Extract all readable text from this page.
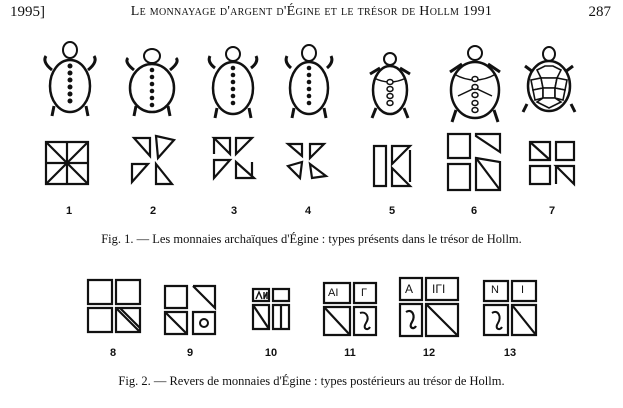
1995]	Le monnayage d'argent d'Égine et le trésor de Hollm 1991	287
1	2	3	4	5	6	7
Fig. 1. — Les monnaies archaïques d'Égine : types présents dans le trésor de Hollm.
AI Γ	A IΓI	N I
8	9	10	11	12	13
Fig. 2. — Revers de monnaies d'Égine : types postérieurs au trésor de Hollm.
